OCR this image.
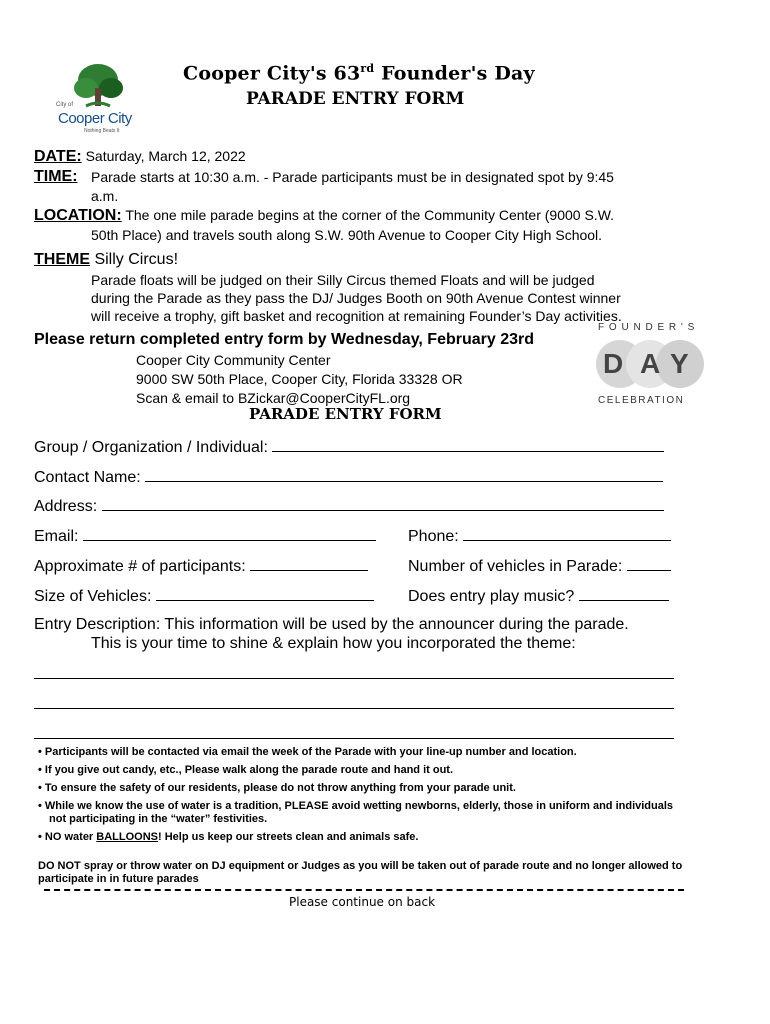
City of
Cooper City
Nothing Beats It
Cooper City's 63rd Founder's Day
PARADE ENTRY FORM
DATE: Saturday, March 12, 2022
TIME: Parade starts at 10:30 a.m. - Parade participants must be in designated spot by 9:45
a.m.
LOCATION: The one mile parade begins at the corner of the Community Center (9000 S.W.
50th Place) and travels south along S.W. 90th Avenue to Cooper City High School.
THEME Silly Circus!
Parade floats will be judged on their Silly Circus themed Floats and will be judged
during the Parade as they pass the DJ/ Judges Booth on 90th Avenue Contest winner
will receive a trophy, gift basket and recognition at remaining Founder’s Day activities.
Please return completed entry form by Wednesday, February 23rd
Cooper City Community Center
9000 SW 50th Place, Cooper City, Florida 33328 OR
Scan & email to BZickar@CooperCityFL.org
PARADE ENTRY FORM
F O U N D E R ' S
D A Y
CELEBRATION
Group / Organization / Individual:
Contact Name:
Address:
Email:	Phone:
Approximate # of participants:	Number of vehicles in Parade:
Size of Vehicles:	Does entry play music?
Entry Description: This information will be used by the announcer during the parade.
This is your time to shine & explain how you incorporated the theme:
• Participants will be contacted via email the week of the Parade with your line-up number and location.
• If you give out candy, etc., Please walk along the parade route and hand it out.
• To ensure the safety of our residents, please do not throw anything from your parade unit.
• While we know the use of water is a tradition, PLEASE avoid wetting newborns, elderly, those in uniform and individuals
not participating in the “water” festivities.
• NO water BALLOONS! Help us keep our streets clean and animals safe.
DO NOT spray or throw water on DJ equipment or Judges as you will be taken out of parade route and no longer allowed to
participate in in future parades
Please continue on back
